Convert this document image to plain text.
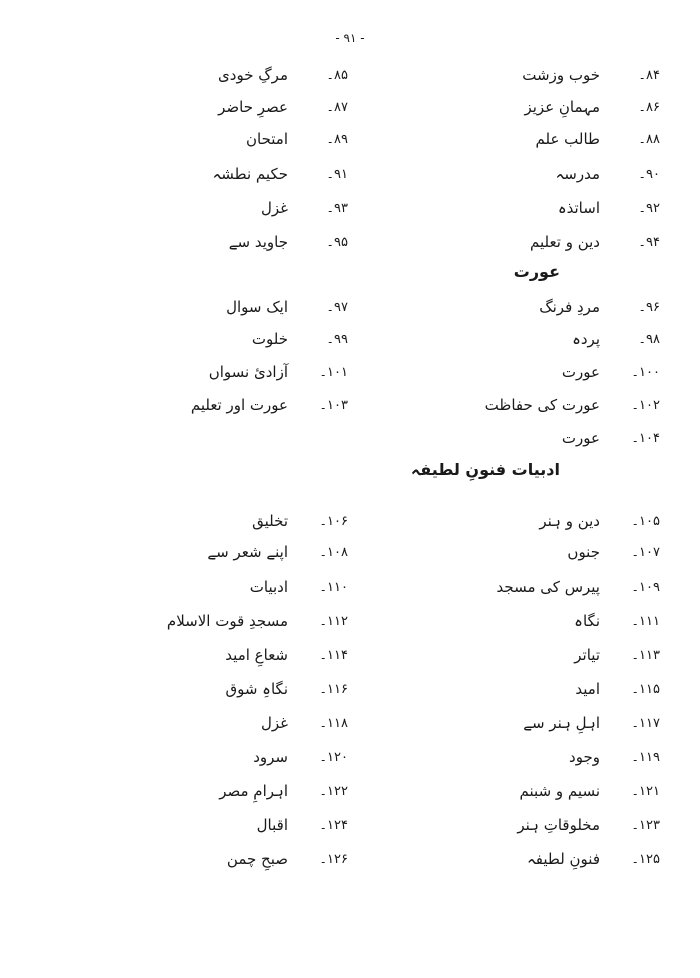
- ۹۱ -
۸۴۔
خوب وزشت
۸۵۔
مرگِ خودی
۸۶۔
مہمانِ عزیز
۸۷۔
عصرِ حاضر
۸۸۔
طالب علم
۸۹۔
امتحان
۹۰۔
مدرسہ
۹۱۔
حکیم نطشہ
۹۲۔
اساتذہ
۹۳۔
غزل
۹۴۔
دین و تعلیم
۹۵۔
جاوید سے
۹۶۔
مردِ فرنگ
۹۷۔
ایک سوال
۹۸۔
پردہ
۹۹۔
خلوت
۱۰۰۔
عورت
۱۰۱۔
آزادیٔ نسواں
۱۰۲۔
عورت کی حفاظت
۱۰۳۔
عورت اور تعلیم
۱۰۴۔
عورت
۱۰۵۔
دین و ہنر
۱۰۶۔
تخلیق
۱۰۷۔
جنوں
۱۰۸۔
اپنے شعر سے
۱۰۹۔
پیرس کی مسجد
۱۱۰۔
ادبیات
۱۱۱۔
نگاہ
۱۱۲۔
مسجدِ قوت الاسلام
۱۱۳۔
تیاتر
۱۱۴۔
شعاعِ امید
۱۱۵۔
امید
۱۱۶۔
نگاہِ شوق
۱۱۷۔
اہلِ ہنر سے
۱۱۸۔
غزل
۱۱۹۔
وجود
۱۲۰۔
سرود
۱۲۱۔
نسیم و شبنم
۱۲۲۔
اہرامِ مصر
۱۲۳۔
مخلوقاتِ ہنر
۱۲۴۔
اقبال
۱۲۵۔
فنونِ لطیفہ
۱۲۶۔
صبحِ چمن
عورت
ادبیات فنونِ لطیفہ
